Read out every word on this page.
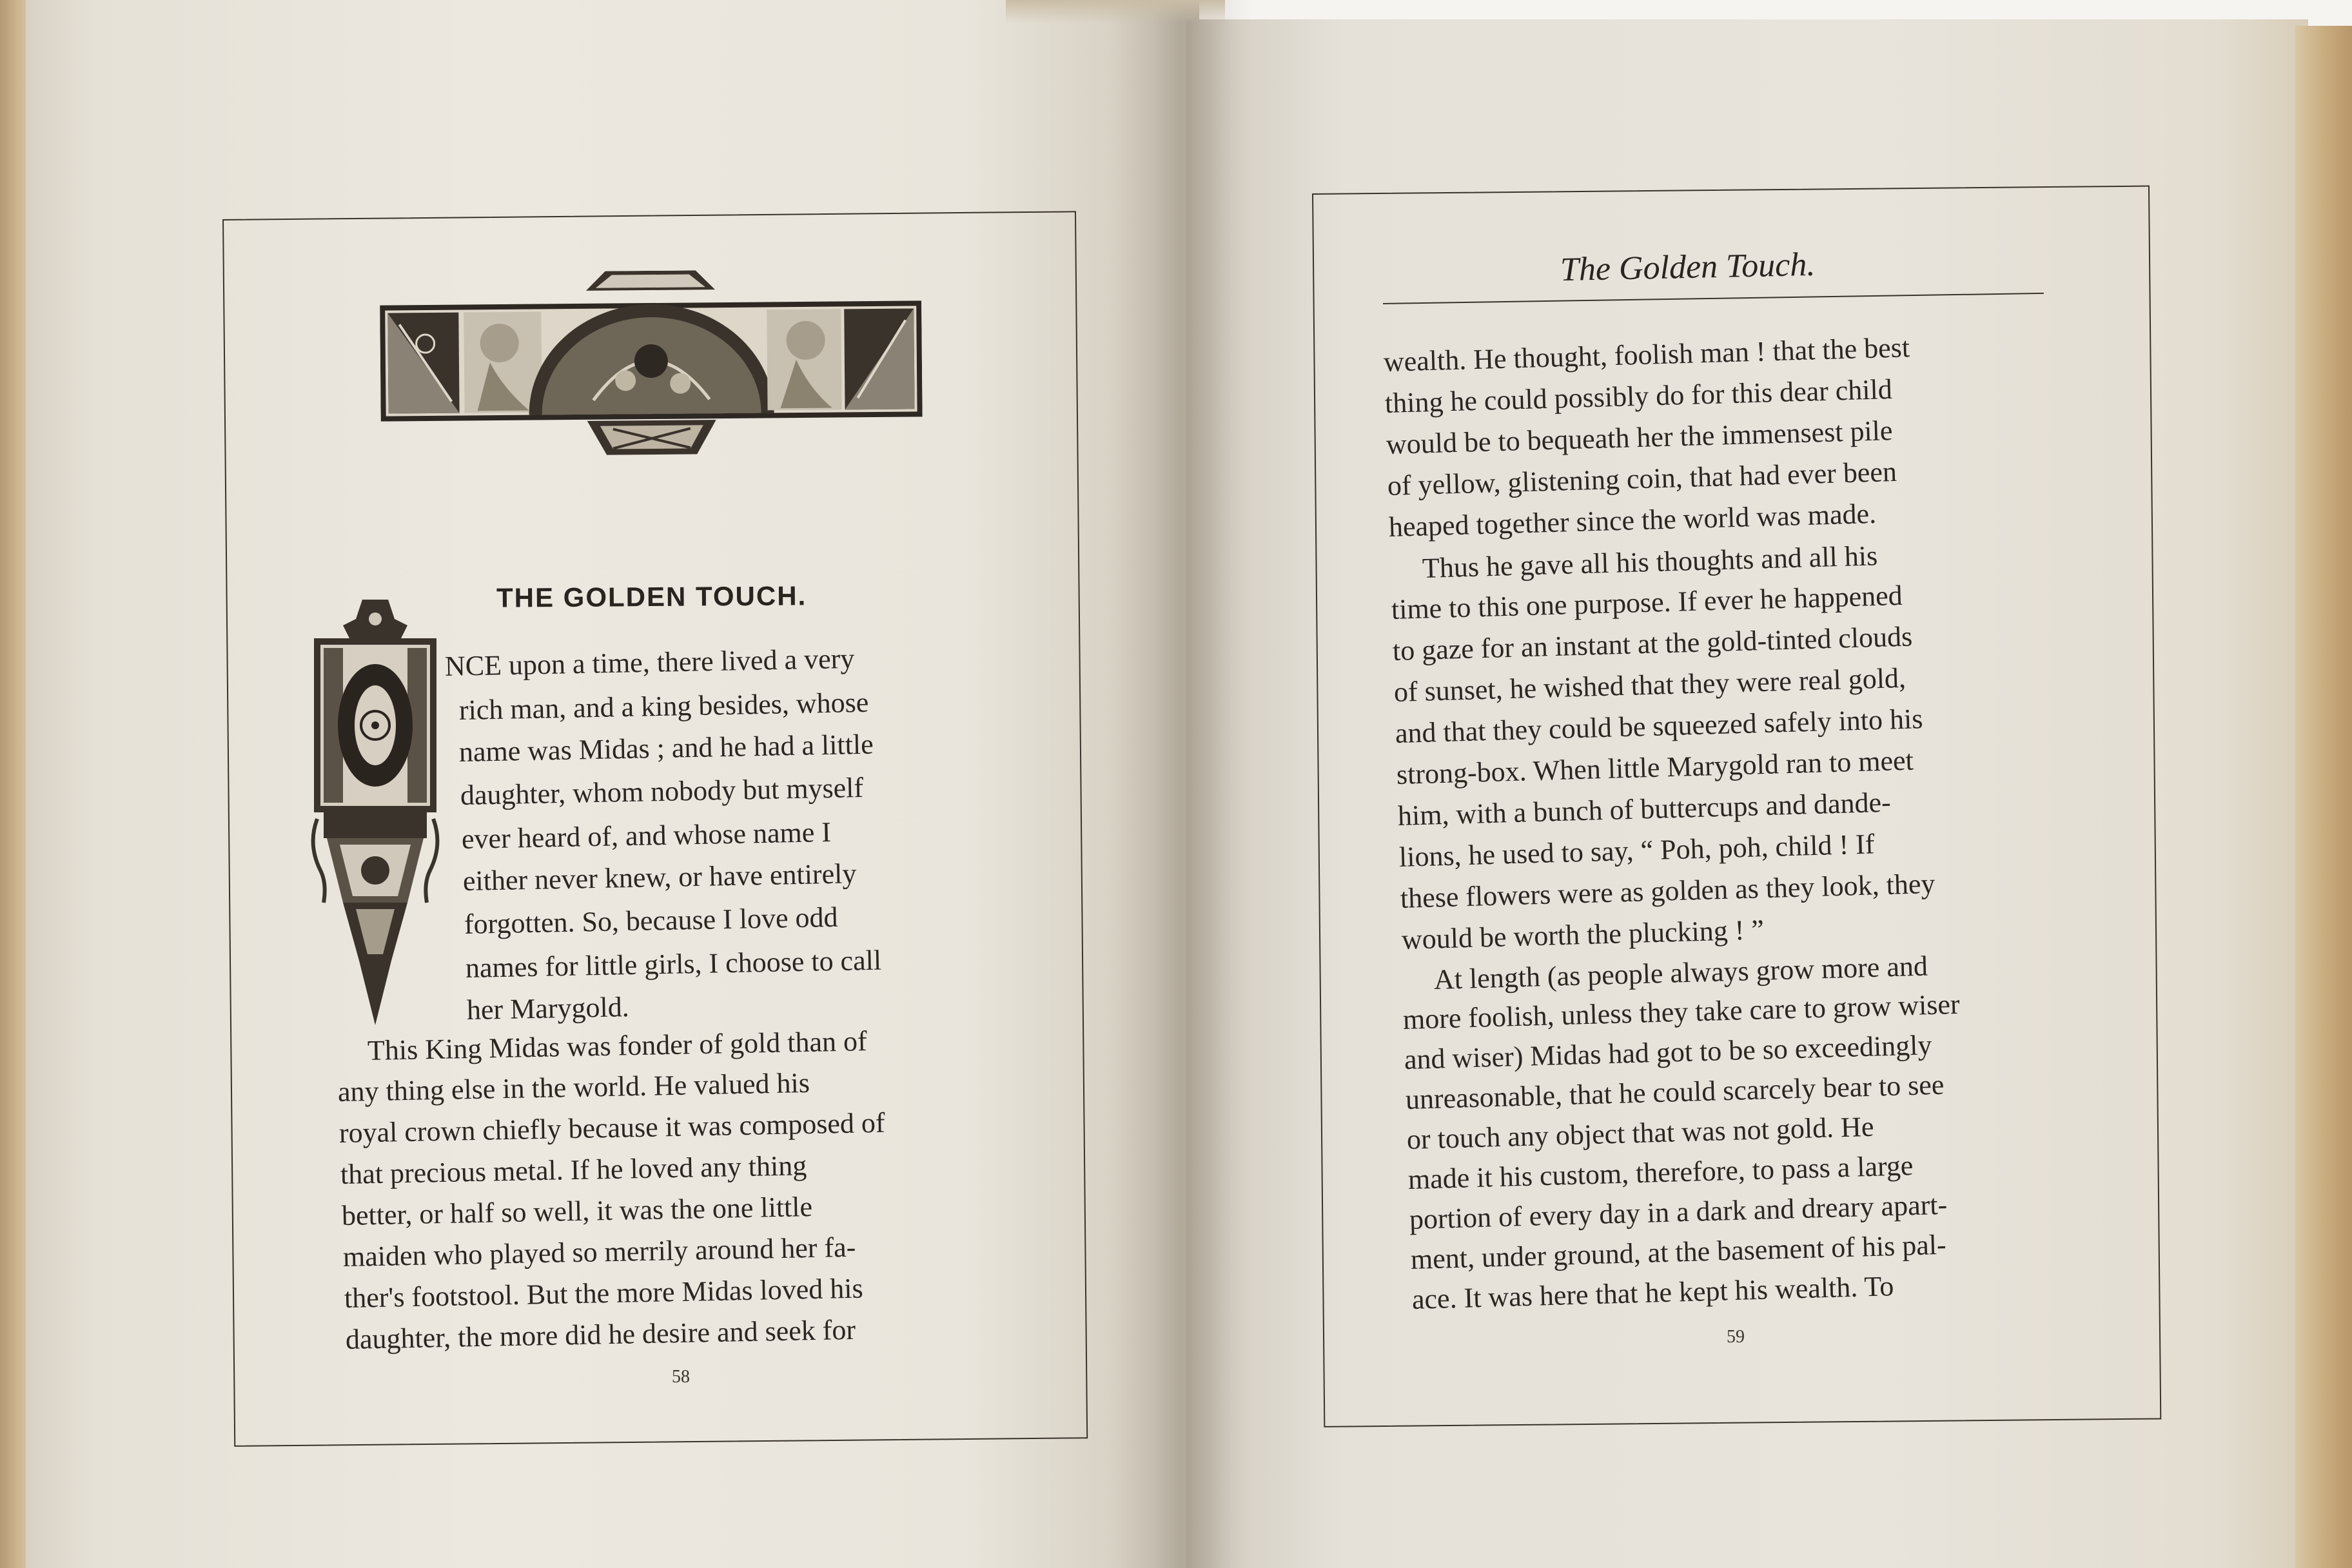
THE GOLDEN TOUCH.

NCE upon a time, there lived a very

rich man, and a king besides, whose

name was Midas ; and he had a little

daughter, whom nobody but myself

ever heard of, and whose name I

either never knew, or have entirely

forgotten. So, because I love odd

names for little girls, I choose to call

her Marygold.

This King Midas was fonder of gold than of

any thing else in the world. He valued his

royal crown chiefly because it was composed of

that precious metal. If he loved any thing

better, or half so well, it was the one little

maiden who played so merrily around her fa-

ther's footstool. But the more Midas loved his

daughter, the more did he desire and seek for

58
The Golden Touch.

wealth. He thought, foolish man ! that the best

thing he could possibly do for this dear child

would be to bequeath her the immensest pile

of yellow, glistening coin, that had ever been

heaped together since the world was made.

Thus he gave all his thoughts and all his

time to this one purpose. If ever he happened

to gaze for an instant at the gold-tinted clouds

of sunset, he wished that they were real gold,

and that they could be squeezed safely into his

strong-box. When little Marygold ran to meet

him, with a bunch of buttercups and dande-

lions, he used to say, “ Poh, poh, child ! If

these flowers were as golden as they look, they

would be worth the plucking ! ”

At length (as people always grow more and

more foolish, unless they take care to grow wiser

and wiser) Midas had got to be so exceedingly

unreasonable, that he could scarcely bear to see

or touch any object that was not gold. He

made it his custom, therefore, to pass a large

portion of every day in a dark and dreary apart-

ment, under ground, at the basement of his pal-

ace. It was here that he kept his wealth. To

59
